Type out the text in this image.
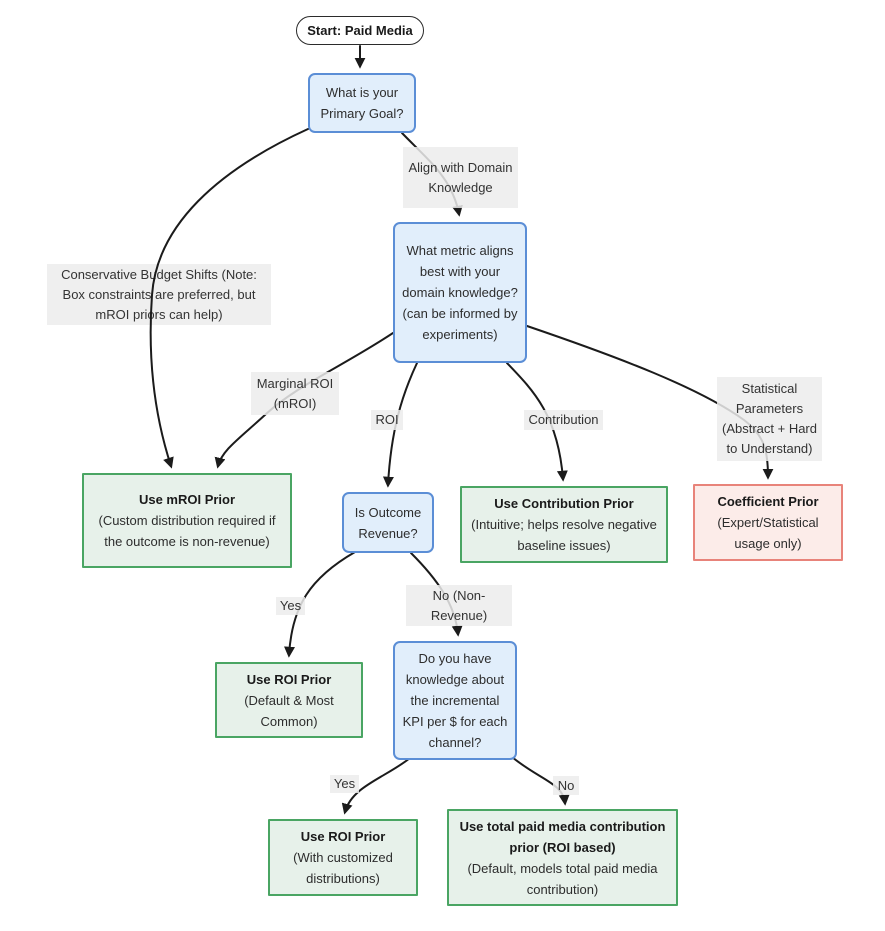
Conservative Budget Shifts (Note: Box constraints are preferred, but mROI priors can help)
Align with Domain Knowledge
Marginal ROI (mROI)
ROI	Contribution
Statistical Parameters (Abstract + Hard to Understand)
Yes
No (Non-Revenue)
Yes	No
Start: Paid Media
What is your Primary Goal?
What metric aligns best with your domain knowledge? (can be informed by experiments)
Is Outcome Revenue?
Do you have knowledge about the incremental KPI per $ for each channel?
Use mROI Prior
(Custom distribution required if the outcome is non-revenue)
Use Contribution Prior
(Intuitive; helps resolve negative baseline issues)
Coefficient Prior
(Expert/Statistical usage only)
Use ROI Prior
(Default & Most Common)
Use ROI Prior
(With customized distributions)
Use total paid media contribution prior (ROI based)
(Default, models total paid media contribution)
